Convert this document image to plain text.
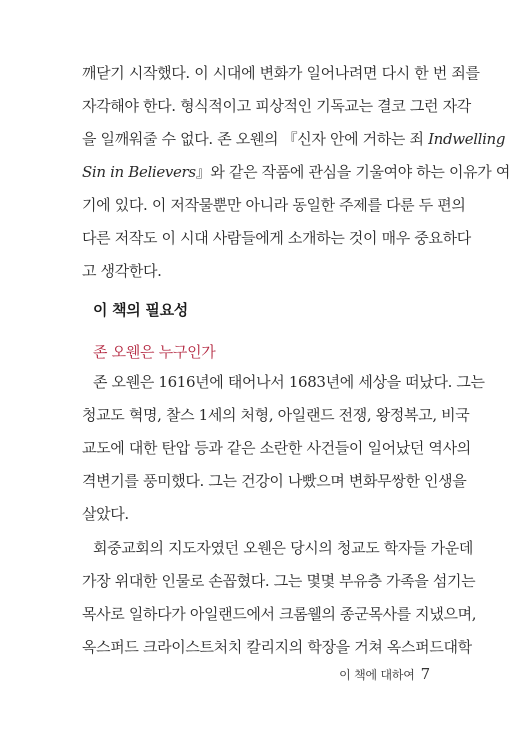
깨닫기 시작했다. 이 시대에 변화가 일어나려면 다시 한 번 죄를
자각해야 한다. 형식적이고 피상적인 기독교는 결코 그런 자각
을 일깨워줄 수 없다. 존 오웬의 『신자 안에 거하는 죄 Indwelling
Sin in Believers』와 같은 작품에 관심을 기울여야 하는 이유가 여
기에 있다. 이 저작물뿐만 아니라 동일한 주제를 다룬 두 편의
다른 저작도 이 시대 사람들에게 소개하는 것이 매우 중요하다
고 생각한다.
이 책의 필요성
존 오웬은 누구인가
존 오웬은 1616년에 태어나서 1683년에 세상을 떠났다. 그는
청교도 혁명, 찰스 1세의 처형, 아일랜드 전쟁, 왕정복고, 비국
교도에 대한 탄압 등과 같은 소란한 사건들이 일어났던 역사의
격변기를 풍미했다. 그는 건강이 나빴으며 변화무쌍한 인생을
살았다.
회중교회의 지도자였던 오웬은 당시의 청교도 학자들 가운데
가장 위대한 인물로 손꼽혔다. 그는 몇몇 부유층 가족을 섬기는
목사로 일하다가 아일랜드에서 크롬웰의 종군목사를 지냈으며,
옥스퍼드 크라이스트처치 칼리지의 학장을 거쳐 옥스퍼드대학
이 책에 대하여 7
